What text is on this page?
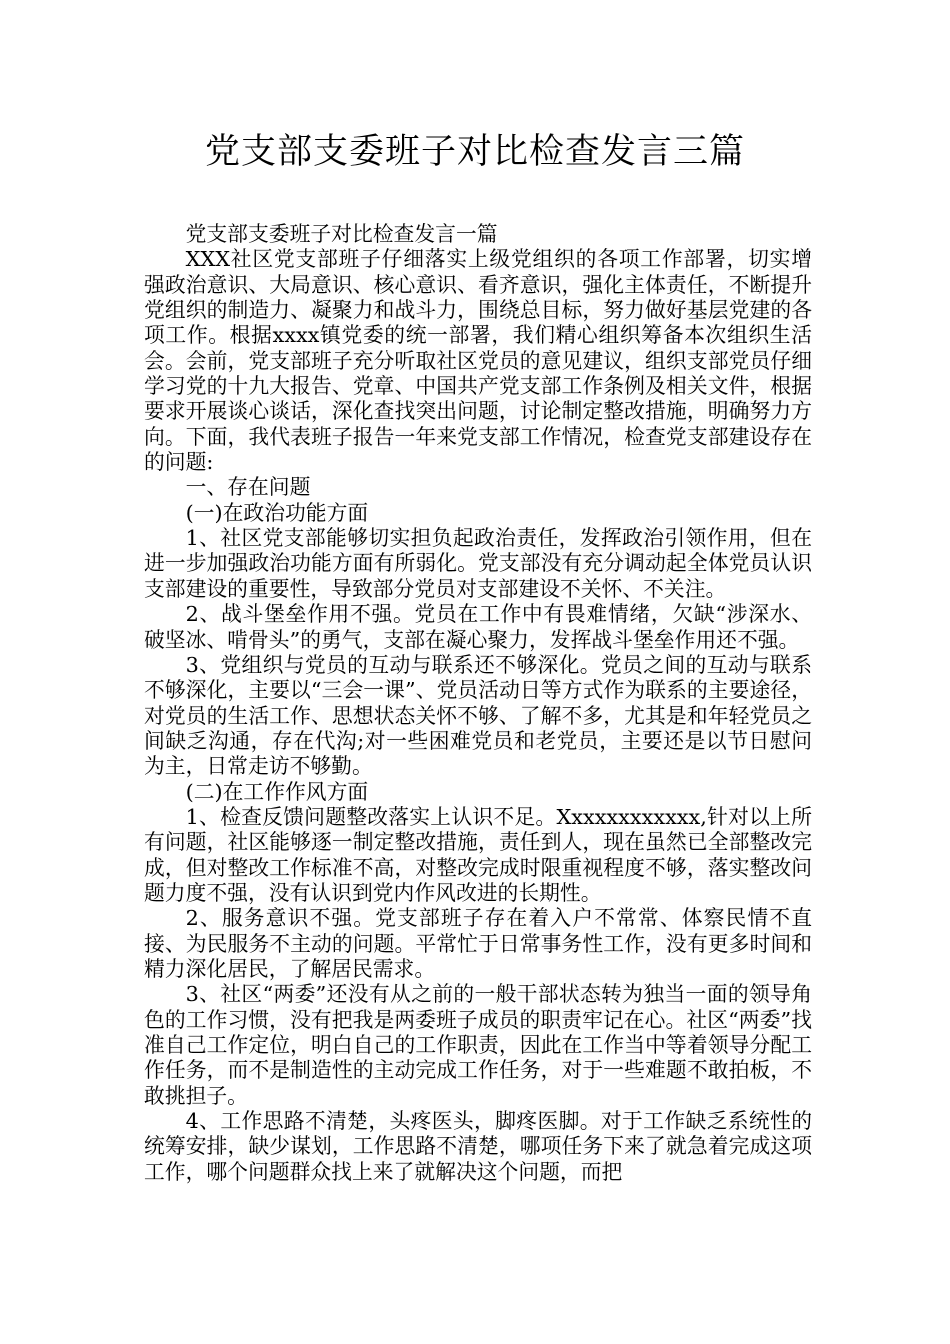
党支部支委班子对比检查发言三篇

党支部支委班子对比检查发言一篇

XXX社区党支部班子仔细落实上级党组织的各项工作部署，切实增强政治意识、大局意识、核心意识、看齐意识，强化主体责任，不断提升党组织的制造力、凝聚力和战斗力，围绕总目标，努力做好基层党建的各项工作。根据xxxx镇党委的统一部署，我们精心组织筹备本次组织生活会。会前，党支部班子充分听取社区党员的意见建议，组织支部党员仔细学习党的十九大报告、党章、中国共产党支部工作条例及相关文件，根据要求开展谈心谈话，深化查找突出问题，讨论制定整改措施，明确努力方向。下面，我代表班子报告一年来党支部工作情况，检查党支部建设存在的问题:

一、存在问题

(一)在政治功能方面

1、社区党支部能够切实担负起政治责任，发挥政治引领作用，但在进一步加强政治功能方面有所弱化。党支部没有充分调动起全体党员认识支部建设的重要性，导致部分党员对支部建设不关怀、不关注。

2、战斗堡垒作用不强。党员在工作中有畏难情绪，欠缺“涉深水、破坚冰、啃骨头”的勇气，支部在凝心聚力，发挥战斗堡垒作用还不强。

3、党组织与党员的互动与联系还不够深化。党员之间的互动与联系不够深化，主要以“三会一课”、党员活动日等方式作为联系的主要途径，对党员的生活工作、思想状态关怀不够、了解不多，尤其是和年轻党员之间缺乏沟通，存在代沟;对一些困难党员和老党员，主要还是以节日慰问为主，日常走访不够勤。

(二)在工作作风方面

1、检查反馈问题整改落实上认识不足。Xxxxxxxxxxxx,针对以上所有问题，社区能够逐一制定整改措施，责任到人，现在虽然已全部整改完成，但对整改工作标准不高，对整改完成时限重视程度不够，落实整改问题力度不强，没有认识到党内作风改进的长期性。

2、服务意识不强。党支部班子存在着入户不常常、体察民情不直接、为民服务不主动的问题。平常忙于日常事务性工作，没有更多时间和精力深化居民，了解居民需求。

3、社区“两委”还没有从之前的一般干部状态转为独当一面的领导角色的工作习惯，没有把我是两委班子成员的职责牢记在心。社区“两委”找准自己工作定位，明白自己的工作职责，因此在工作当中等着领导分配工作任务，而不是制造性的主动完成工作任务，对于一些难题不敢拍板，不敢挑担子。

4、工作思路不清楚，头疼医头，脚疼医脚。对于工作缺乏系统性的统筹安排，缺少谋划，工作思路不清楚，哪项任务下来了就急着完成这项工作，哪个问题群众找上来了就解决这个问题，而把
